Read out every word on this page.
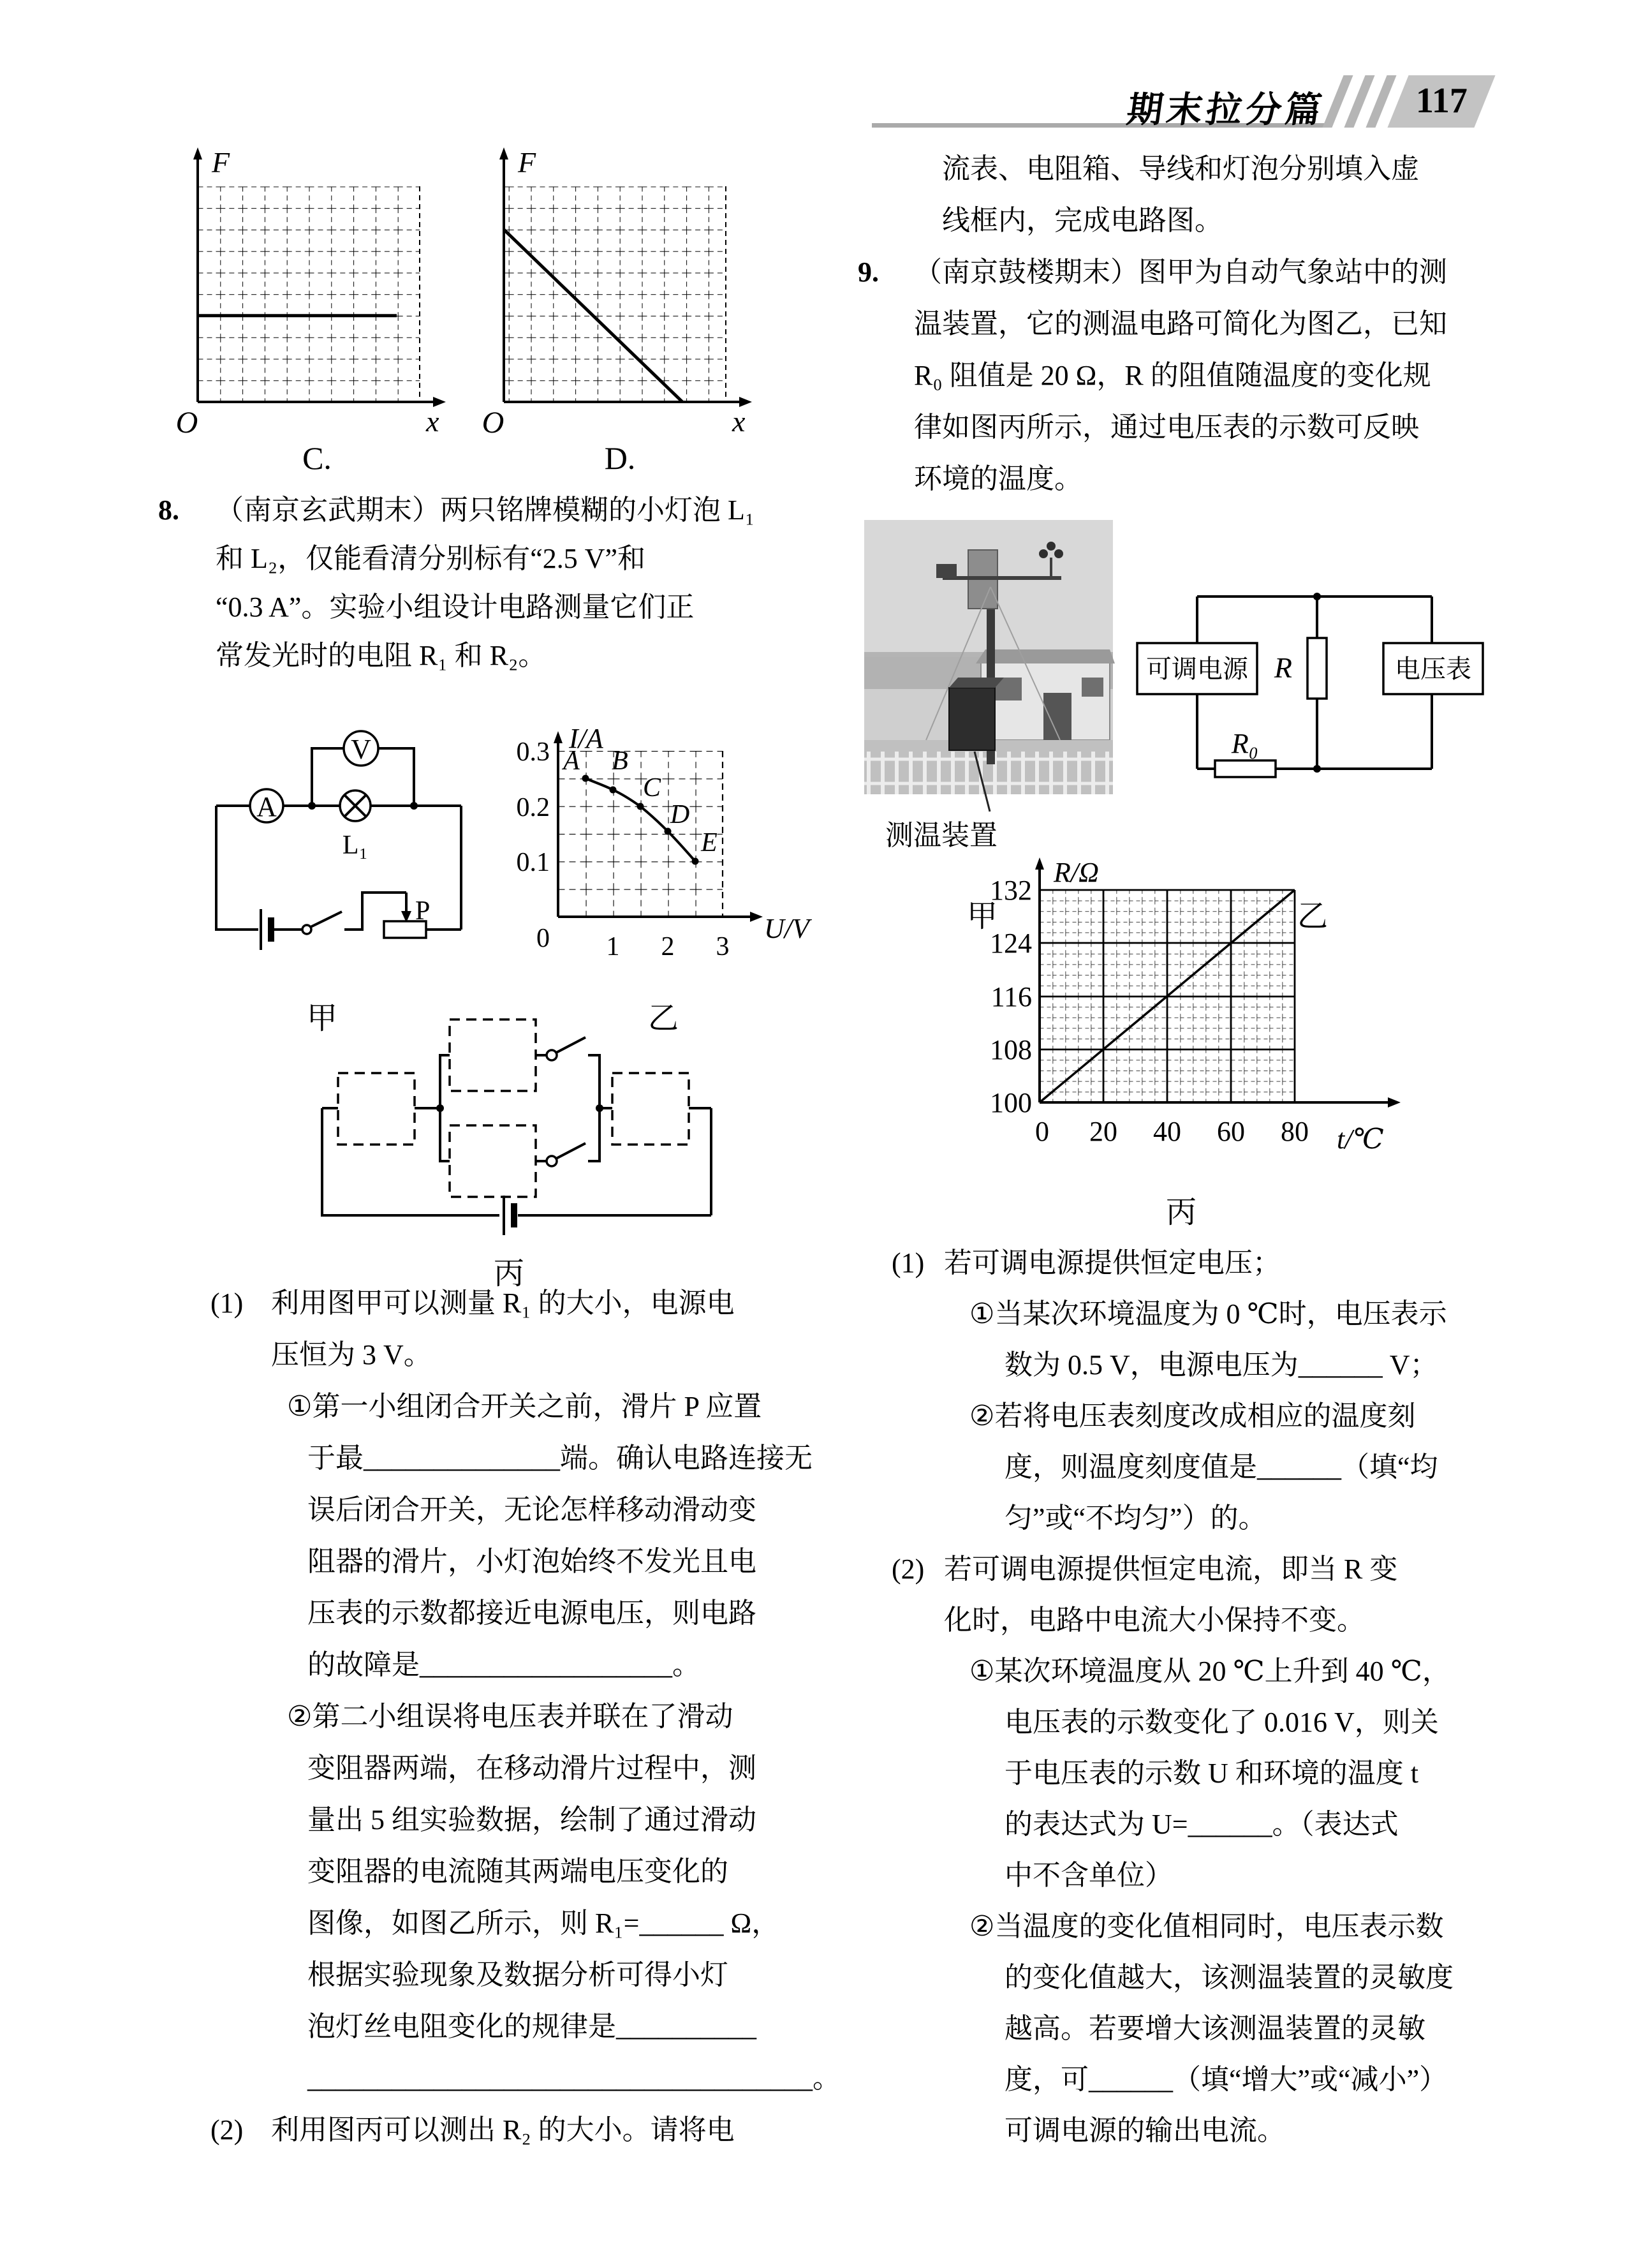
117
期末拉分篇
F
x
O
C.
F
x
O
D.
8. （南京玄武期末）两只铭牌模糊的小灯泡 L₁
和 L₂，仅能看清分别标有“2.5 V”和
“0.3 A”。实验小组设计电路测量它们正
常发光时的电阻 R₁ 和 R₂。
A
V
L₁
P
甲
A B
C
D
E
0.3
0.2
0.1
0 1 2 3
I/A
U/V
乙
丙
(1) 利用图甲可以测量 R₁ 的大小，电源电
压恒为 3 V。
①第一小组闭合开关之前，滑片 P 应置
于最______________端。确认电路连接无
误后闭合开关，无论怎样移动滑动变
阻器的滑片，小灯泡始终不发光且电
压表的示数都接近电源电压，则电路
的故障是__________________。
②第二小组误将电压表并联在了滑动
变阻器两端，在移动滑片过程中，测
量出 5 组实验数据，绘制了通过滑动
变阻器的电流随其两端电压变化的
图像，如图乙所示，则 R₁=______ Ω，
根据实验现象及数据分析可得小灯
泡灯丝电阻变化的规律是__________
____________________________________。
(2) 利用图丙可以测出 R₂ 的大小。请将电
流表、电阻箱、导线和灯泡分别填入虚
线框内，完成电路图。
9. （南京鼓楼期末）图甲为自动气象站中的测
温装置，它的测温电路可简化为图乙，已知
R₀ 阻值是 20 Ω，R 的阻值随温度的变化规
律如图丙所示，通过电压表的示数可反映
环境的温度。
测温装置
甲
可调电源 R	电压表
R₀
乙
132
124
116
108
100
0 20 40 60 80
R/Ω
t/℃
丙
(1) 若可调电源提供恒定电压；
①当某次环境温度为 0 ℃时，电压表示
数为 0.5 V，电源电压为______ V；
②若将电压表刻度改成相应的温度刻
度，则温度刻度值是______（填“均
匀”或“不均匀”）的。
(2) 若可调电源提供恒定电流，即当 R 变
化时，电路中电流大小保持不变。
①某次环境温度从 20 ℃上升到 40 ℃，
电压表的示数变化了 0.016 V，则关
于电压表的示数 U 和环境的温度 t
的表达式为 U=______。（表达式
中不含单位）
②当温度的变化值相同时，电压表示数
的变化值越大，该测温装置的灵敏度
越高。若要增大该测温装置的灵敏
度，可______（填“增大”或“减小”）
可调电源的输出电流。
